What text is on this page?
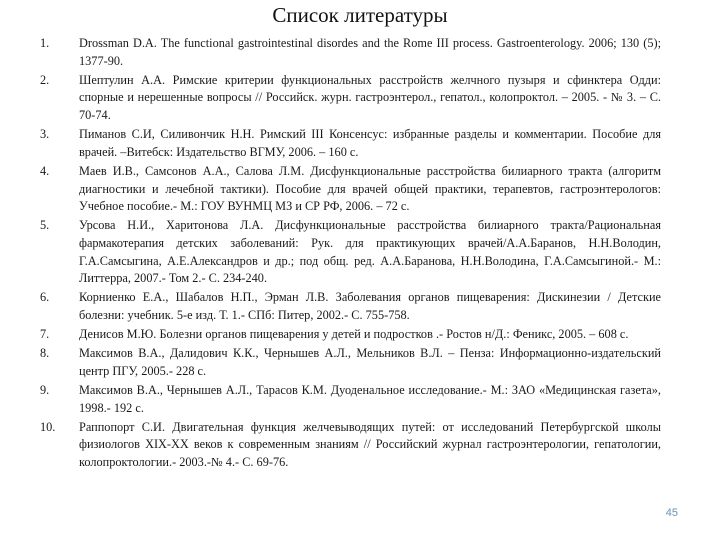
Список литературы
1.	Drossman D.A. The functional gastrointestinal disordes and the Rome III process. Gastroenterology. 2006; 130 (5); 1377-90.
2.	Шептулин А.А. Римские критерии функциональных расстройств желчного пузыря и сфинктера Одди: спорные и нерешенные вопросы // Российск. журн. гастроэнтерол., гепатол., колопроктол. – 2005. - № 3. – С. 70-74.
3.	Пиманов С.И, Силивончик Н.Н. Римский III Консенсус: избранные разделы и комментарии. Пособие для врачей. –Витебск: Издательство ВГМУ, 2006. – 160 с.
4.	Маев И.В., Самсонов А.А., Салова Л.М. Дисфункциональные расстройства билиарного тракта (алгоритм диагностики и лечебной тактики). Пособие для врачей общей практики, терапевтов, гастроэнтерологов: Учебное пособие.- М.: ГОУ ВУНМЦ МЗ и СР РФ, 2006. – 72 с.
5.	Урсова Н.И., Харитонова Л.А. Дисфункциональные расстройства билиарного тракта/Рациональная фармакотерапия детских заболеваний: Рук. для практикующих врачей/А.А.Баранов, Н.Н.Володин, Г.А.Самсыгина, А.Е.Александров и др.; под общ. ред. А.А.Баранова, Н.Н.Володина, Г.А.Самсыгиной.- М.: Литтерра, 2007.- Том 2.- С. 234-240.
6.	Корниенко Е.А., Шабалов Н.П., Эрман Л.В. Заболевания органов пищеварения: Дискинезии / Детские болезни: учебник. 5-е изд. Т. 1.- СПб: Питер, 2002.- С. 755-758.
7.	Денисов М.Ю. Болезни органов пищеварения у детей и подростков .- Ростов н/Д.: Феникс, 2005. – 608 с.
8.	Максимов В.А., Далидович К.К., Чернышев А.Л., Мельников В.Л. – Пенза: Информационно-издательский центр ПГУ, 2005.- 228 с.
9.	Максимов В.А., Чернышев А.Л., Тарасов К.М. Дуоденальное исследование.- М.: ЗАО «Медицинская газета», 1998.- 192 с.
10.	Раппопорт С.И. Двигательная функция желчевыводящих путей: от исследований Петербургской школы физиологов XIX-XX веков к современным знаниям // Российский журнал гастроэнтерологии, гепатологии, колопроктологии.- 2003.-№ 4.- С. 69-76.
45
